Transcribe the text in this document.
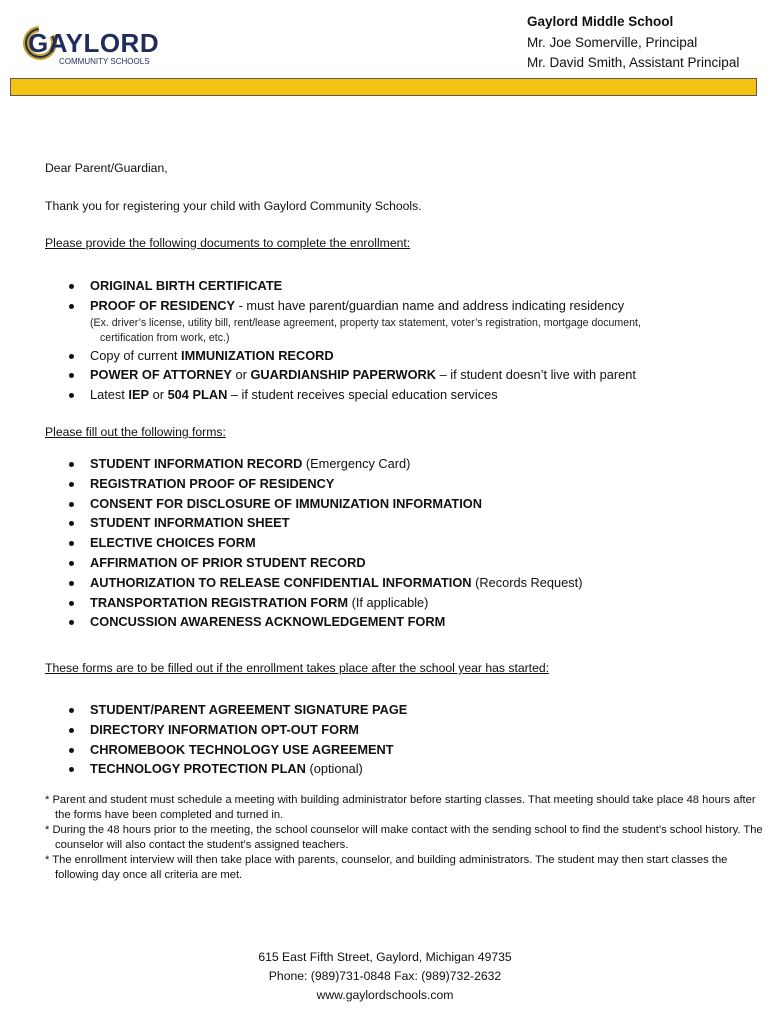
GAYLORD
COMMUNITY SCHOOLS
Gaylord Middle School
Mr. Joe Somerville, Principal
Mr. David Smith, Assistant Principal
Dear Parent/Guardian,
Thank you for registering your child with Gaylord Community Schools.
Please provide the following documents to complete the enrollment:
ORIGINAL BIRTH CERTIFICATE
PROOF OF RESIDENCY - must have parent/guardian name and address indicating residency
(Ex. driver’s license, utility bill, rent/lease agreement, property tax statement, voter’s registration, mortgage document,
certification from work, etc.)
Copy of current IMMUNIZATION RECORD
POWER OF ATTORNEY or GUARDIANSHIP PAPERWORK – if student doesn’t live with parent
Latest IEP or 504 PLAN – if student receives special education services
Please fill out the following forms:
STUDENT INFORMATION RECORD (Emergency Card)
REGISTRATION PROOF OF RESIDENCY
CONSENT FOR DISCLOSURE OF IMMUNIZATION INFORMATION
STUDENT INFORMATION SHEET
ELECTIVE CHOICES FORM
AFFIRMATION OF PRIOR STUDENT RECORD
AUTHORIZATION TO RELEASE CONFIDENTIAL INFORMATION (Records Request)
TRANSPORTATION REGISTRATION FORM (If applicable)
CONCUSSION AWARENESS ACKNOWLEDGEMENT FORM
These forms are to be filled out if the enrollment takes place after the school year has started:
STUDENT/PARENT AGREEMENT SIGNATURE PAGE
DIRECTORY INFORMATION OPT-OUT FORM
CHROMEBOOK TECHNOLOGY USE AGREEMENT
TECHNOLOGY PROTECTION PLAN (optional)

* Parent and student must schedule a meeting with building administrator before starting classes. That meeting should take place 48 hours after the forms have been completed and turned in.

* During the 48 hours prior to the meeting, the school counselor will make contact with the sending school to find the student’s school history. The counselor will also contact the student’s assigned teachers.

* The enrollment interview will then take place with parents, counselor, and building administrators. The student may then start classes the following day once all criteria are met.

615 East Fifth Street, Gaylord, Michigan 49735
Phone: (989)731-0848 Fax: (989)732-2632
www.gaylordschools.com
